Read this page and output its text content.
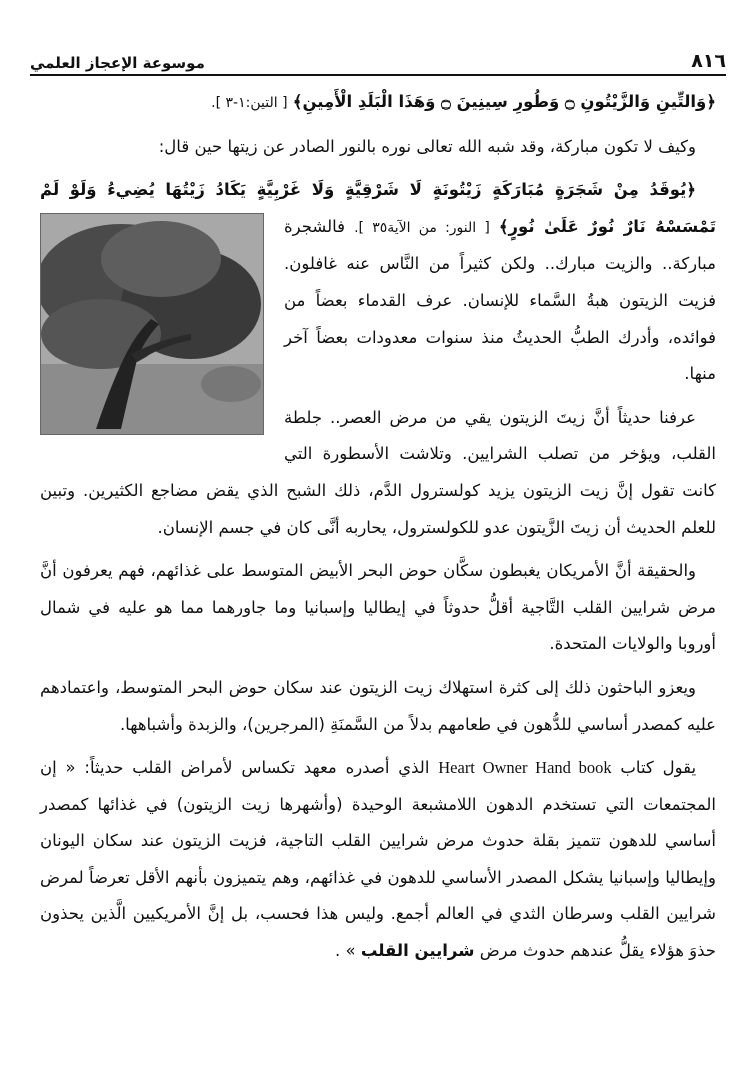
٨١٦
موسوعة الإعجاز العلمي

﴿وَالتِّينِ وَالزَّيْتُونِ ۝ وَطُورِ سِينِينَ ۝ وَهَذَا الْبَلَدِ الْأَمِينِ﴾ [ التين:١-٣ ].

وكيف لا تكون مباركة، وقد شبه الله تعالى نوره بالنور الصادر عن زيتها حين قال:

﴿يُوقَدُ مِنْ شَجَرَةٍ مُبَارَكَةٍ زَيْتُونَةٍ لَا شَرْقِيَّةٍ وَلَا غَرْبِيَّةٍ يَكَادُ زَيْتُهَا يُضِيءُ وَلَوْ لَمْ تَمْسَسْهُ نَارٌ نُورٌ عَلَىٰ نُورٍ﴾ [ النور: من الآية٣٥ ].
فالشجرة مباركة.. والزيت مبارك.. ولكن كثيراً من النَّاس عنه غافلون. فزيت الزيتون هبةُ السَّماء للإنسان. عرف القدماء بعضاً من فوائده، وأدرك الطبُّ الحديثُ منذ سنوات معدودات بعضاً آخر منها.

عرفنا حديثاً أنَّ زيتَ الزيتون يقي من مرض العصر.. جلطة القلب، ويؤخر من تصلب الشرايين. وتلاشت الأسطورة التي كانت تقول إنَّ زيت الزيتون يزيد كولسترول الدَّم، ذلك الشبح الذي يقض مضاجع الكثيرين. وتبين للعلم الحديث أن زيتَ الزَّيتون عدو للكولسترول، يحاربه أنَّى كان في جسم الإنسان.

والحقيقة أنَّ الأمريكان يغبطون سكَّان حوض البحر الأبيض المتوسط على غذائهم، فهم يعرفون أنَّ مرض شرايين القلب التَّاجية أقلُّ حدوثاً في إيطاليا وإسبانيا وما جاورهما مما هو عليه في شمال أوروبا والولايات المتحدة.

ويعزو الباحثون ذلك إلى كثرة استهلاك زيت الزيتون عند سكان حوض البحر المتوسط، واعتمادهم عليه كمصدر أساسي للدُّهون في طعامهم بدلاً من السَّمنَةِ (المرجرين)، والزبدة وأشباهها.

يقول كتاب Heart Owner Hand book الذي أصدره معهد تكساس لأمراض القلب حديثاً: « إن المجتمعات التي تستخدم الدهون اللامشبعة الوحيدة (وأشهرها زيت الزيتون) في غذائها كمصدر أساسي للدهون تتميز بقلة حدوث مرض شرايين القلب التاجية، فزيت الزيتون عند سكان اليونان وإيطاليا وإسبانيا يشكل المصدر الأساسي للدهون في غذائهم، وهم يتميزون بأنهم الأقل تعرضاً لمرض شرايين القلب وسرطان الثدي في العالم أجمع. وليس هذا فحسب، بل إنَّ الأمريكيين الَّذين يحذون حذوَ هؤلاء يقلُّ عندهم حدوث مرض شرايين القلب » .
